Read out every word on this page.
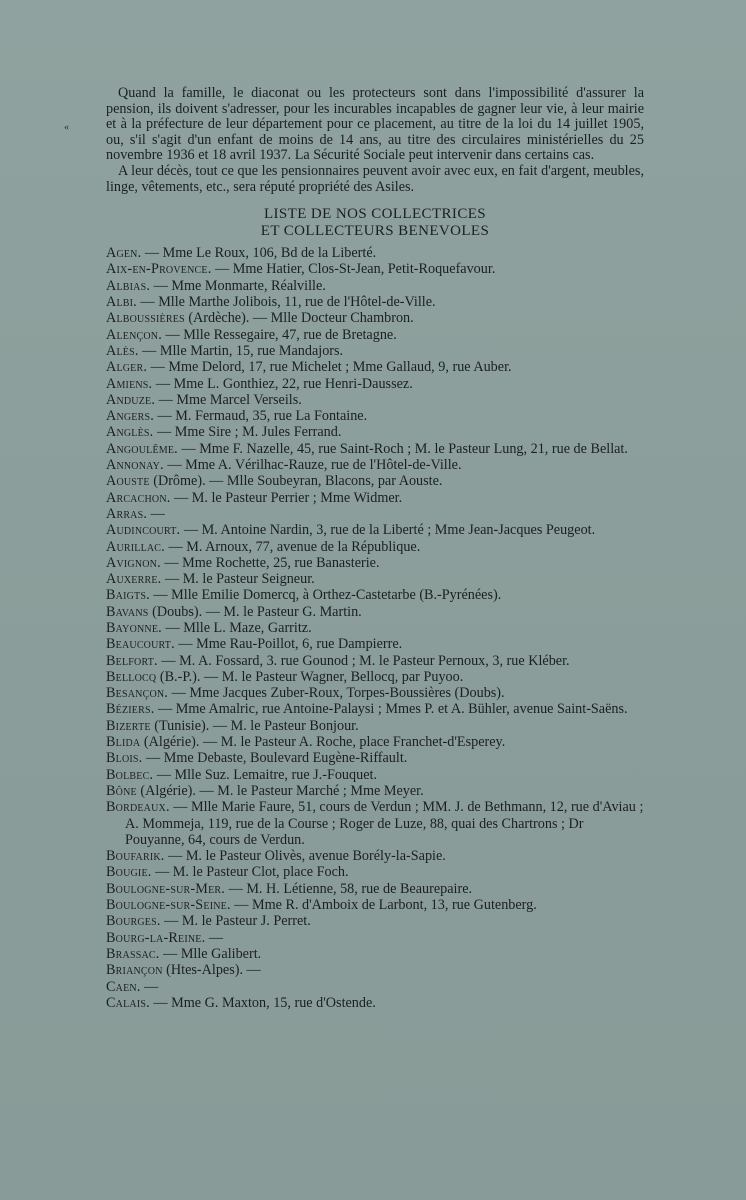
«

Quand la famille, le diaconat ou les protecteurs sont dans l'impossibilité d'assurer la pension, ils doivent s'adresser, pour les incurables incapables de gagner leur vie, à leur mairie et à la préfecture de leur département pour ce placement, au titre de la loi du 14 juillet 1905, ou, s'il s'agit d'un enfant de moins de 14 ans, au titre des circulaires ministérielles du 25 novembre 1936 et 18 avril 1937. La Sécurité Sociale peut intervenir dans certains cas.

A leur décès, tout ce que les pensionnaires peuvent avoir avec eux, en fait d'argent, meubles, linge, vêtements, etc., sera réputé propriété des Asiles.

LISTE DE NOS COLLECTRICES
ET COLLECTEURS BENEVOLES
Agen. — Mme Le Roux, 106, Bd de la Liberté.
Aix-en-Provence. — Mme Hatier, Clos-St-Jean, Petit-Roquefavour.
Albias. — Mme Monmarte, Réalville.
Albi. — Mlle Marthe Jolibois, 11, rue de l'Hôtel-de-Ville.
Alboussières (Ardèche). — Mlle Docteur Chambron.
Alençon. — Mlle Ressegaire, 47, rue de Bretagne.
Alès. — Mlle Martin, 15, rue Mandajors.
Alger. — Mme Delord, 17, rue Michelet ; Mme Gallaud, 9, rue Auber.
Amiens. — Mme L. Gonthiez, 22, rue Henri-Daussez.
Anduze. — Mme Marcel Verseils.
Angers. — M. Fermaud, 35, rue La Fontaine.
Anglès. — Mme Sire ; M. Jules Ferrand.
Angoulême. — Mme F. Nazelle, 45, rue Saint-Roch ; M. le Pasteur Lung, 21, rue de Bellat.
Annonay. — Mme A. Vérilhac-Rauze, rue de l'Hôtel-de-Ville.
Aouste (Drôme). — Mlle Soubeyran, Blacons, par Aouste.
Arcachon. — M. le Pasteur Perrier ; Mme Widmer.
Arras. —
Audincourt. — M. Antoine Nardin, 3, rue de la Liberté ; Mme Jean-Jacques Peugeot.
Aurillac. — M. Arnoux, 77, avenue de la République.
Avignon. — Mme Rochette, 25, rue Banasterie.
Auxerre. — M. le Pasteur Seigneur.
Baigts. — Mlle Emilie Domercq, à Orthez-Castetarbe (B.-Pyrénées).
Bavans (Doubs). — M. le Pasteur G. Martin.
Bayonne. — Mlle L. Maze, Garritz.
Beaucourt. — Mme Rau-Poillot, 6, rue Dampierre.
Belfort. — M. A. Fossard, 3. rue Gounod ; M. le Pasteur Pernoux, 3, rue Kléber.
Bellocq (B.-P.). — M. le Pasteur Wagner, Bellocq, par Puyoo.
Besançon. — Mme Jacques Zuber-Roux, Torpes-Boussières (Doubs).
Béziers. — Mme Amalric, rue Antoine-Palaysi ; Mmes P. et A. Bühler, avenue Saint-Saëns.
Bizerte (Tunisie). — M. le Pasteur Bonjour.
Blida (Algérie). — M. le Pasteur A. Roche, place Franchet-d'Esperey.
Blois. — Mme Debaste, Boulevard Eugène-Riffault.
Bolbec. — Mlle Suz. Lemaitre, rue J.-Fouquet.
Bône (Algérie). — M. le Pasteur Marché ; Mme Meyer.
Bordeaux. — Mlle Marie Faure, 51, cours de Verdun ; MM. J. de Bethmann, 12, rue d'Aviau ; A. Mommeja, 119, rue de la Course ; Roger de Luze, 88, quai des Chartrons ; Dr Pouyanne, 64, cours de Verdun.
Boufarik. — M. le Pasteur Olivès, avenue Borély-la-Sapie.
Bougie. — M. le Pasteur Clot, place Foch.
Boulogne-sur-Mer. — M. H. Létienne, 58, rue de Beaurepaire.
Boulogne-sur-Seine. — Mme R. d'Amboix de Larbont, 13, rue Gutenberg.
Bourges. — M. le Pasteur J. Perret.
Bourg-la-Reine. —
Brassac. — Mlle Galibert.
Briançon (Htes-Alpes). —
Caen. —
Calais. — Mme G. Maxton, 15, rue d'Ostende.
